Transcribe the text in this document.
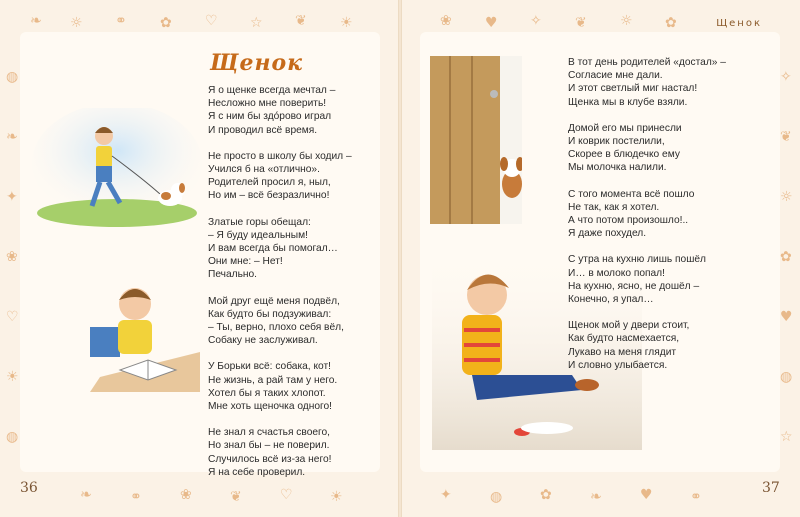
❧ ☼ ⚭ ✿ ♡ ☆ ❦ ☀	❀ ♥ ✧ ❦ ☼ ✿
◍
❧
✦
❀
♡
☀
◍
✧
❦
☼
✿
♥
◍
☆
❧	⚭	❀	❦	♡	☀	✦	◍	✿	❧	♥	⚭
Щенок
36	37
Щенок

Я о щенке всегда мечтал –
Несложно мне поверить!
Я с ним бы здо́рово играл
И проводил всё время.

Не просто в школу бы ходил –
Учился б на «отлично».
Родителей просил я, ныл,
Но им – всё безразлично!

Златые горы обещал:
– Я буду идеальным!
И вам всегда бы помогал…
Они мне: – Нет!
Печально.

Мой друг ещё меня подвёл,
Как будто бы подзуживал:
– Ты, верно, плохо себя вёл,
Собаку не заслуживал.

У Борьки всё: собака, кот!
Не жизнь, а рай там у него.
Хотел бы я таких хлопот.
Мне хоть щеночка одного!

Не знал я счастья своего,
Но знал бы – не поверил.
Случилось всё из-за него!
Я на себе проверил.

В тот день родителей «достал» –
Согласие мне дали.
И этот светлый миг настал!
Щенка мы в клубе взяли.

Домой его мы принесли
И коврик постелили,
Скорее в блюдечко ему
Мы молочка налили.

С того момента всё пошло
Не так, как я хотел.
А что потом произошло!..
Я даже похудел.

С утра на кухню лишь пошёл
И… в молоко попал!
На кухню, ясно, не дошёл –
Конечно, я упал…

Щенок мой у двери стоит,
Как будто насмехается,
Лукаво на меня глядит
И словно улыбается.
